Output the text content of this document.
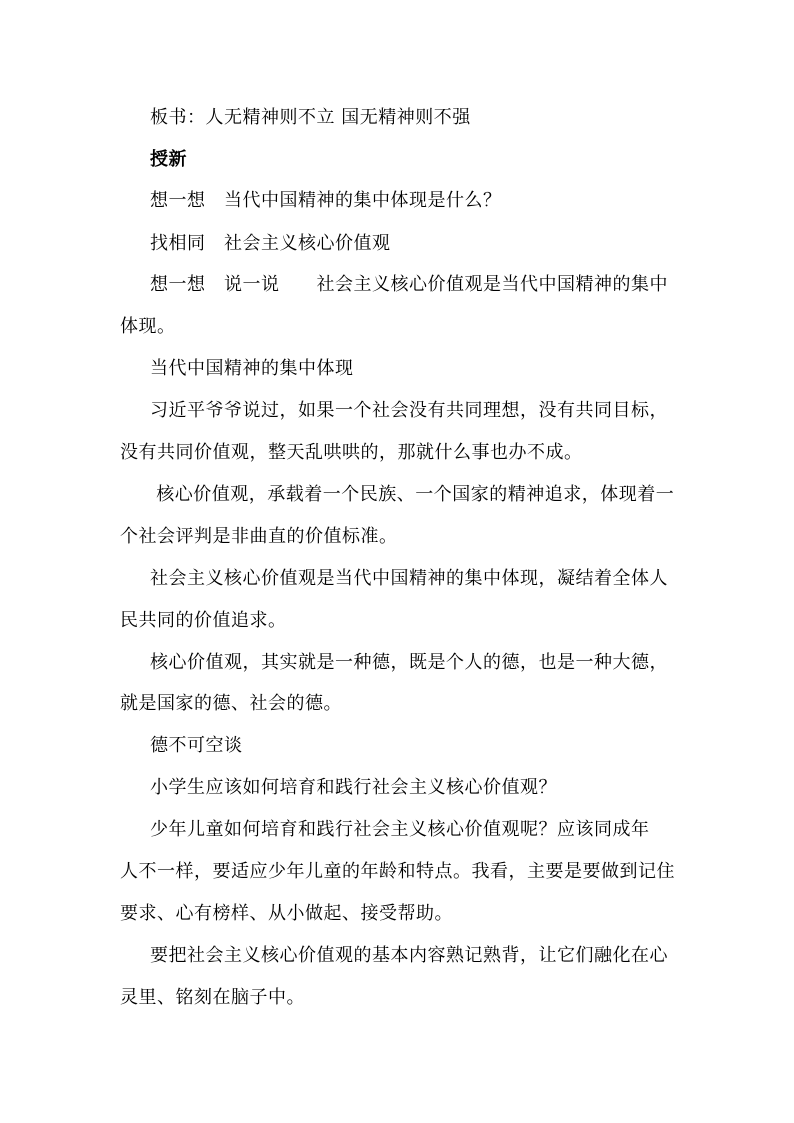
板书：人无精神则不立 国无精神则不强
授新
想一想　当代中国精神的集中体现是什么？
找相同　社会主义核心价值观
想一想　说一说　　社会主义核心价值观是当代中国精神的集中
体现。
当代中国精神的集中体现
习近平爷爷说过，如果一个社会没有共同理想，没有共同目标，
没有共同价值观，整天乱哄哄的，那就什么事也办不成。
核心价值观，承载着一个民族、一个国家的精神追求，体现着一
个社会评判是非曲直的价值标准。
社会主义核心价值观是当代中国精神的集中体现，凝结着全体人
民共同的价值追求。
核心价值观，其实就是一种德，既是个人的德，也是一种大德，
就是国家的德、社会的德。
德不可空谈
小学生应该如何培育和践行社会主义核心价值观？
少年儿童如何培育和践行社会主义核心价值观呢？应该同成年
人不一样，要适应少年儿童的年龄和特点。我看，主要是要做到记住
要求、心有榜样、从小做起、接受帮助。
要把社会主义核心价值观的基本内容熟记熟背，让它们融化在心
灵里、铭刻在脑子中。
